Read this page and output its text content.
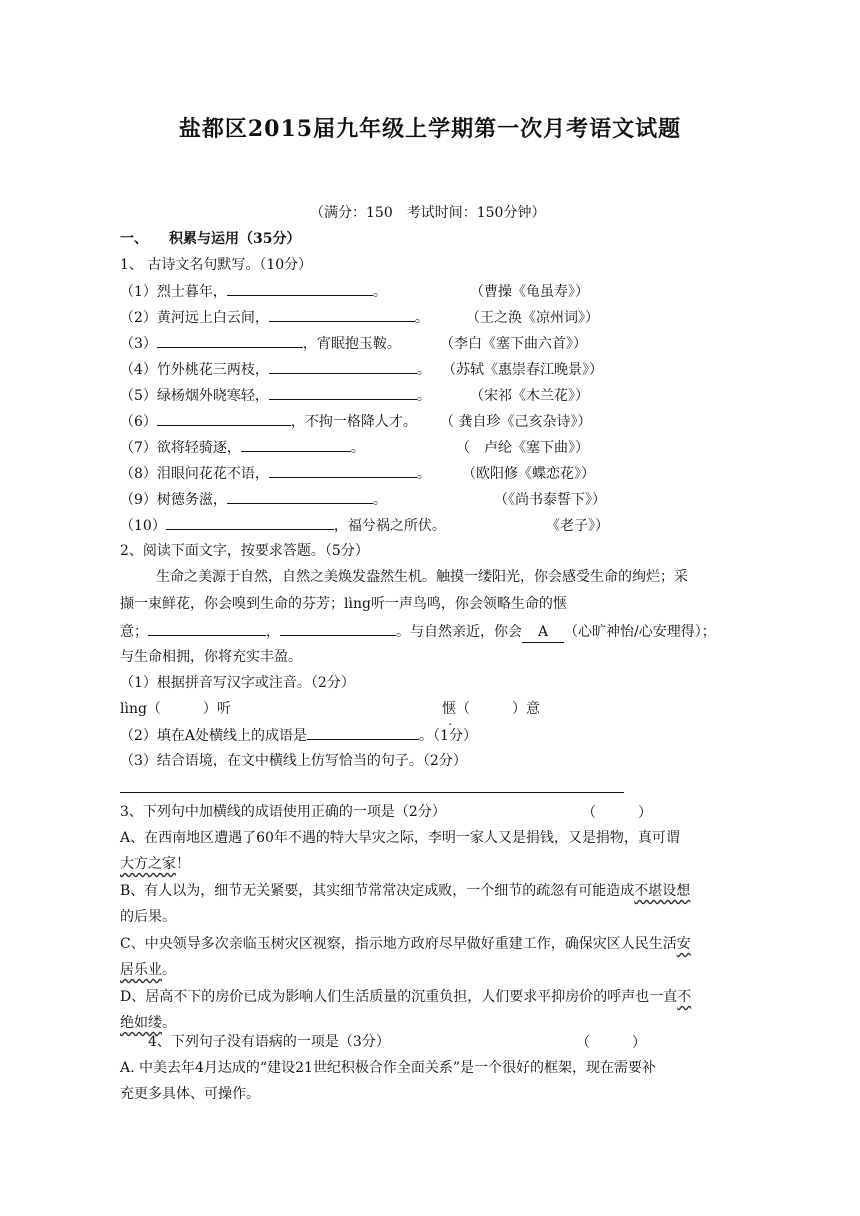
盐都区2015届九年级上学期第一次月考语文试题
（满分：150　考试时间：150分钟）
一、　　积累与运用（35分）
1、 古诗文名句默写。（10分）
（1）烈士暮年，	。	（曹操《龟虽寿》）
（2）黄河远上白云间，	。	（王之涣《凉州词》）
（3）	，宵眠抱玉鞍。	（李白《塞下曲六首》）
（4）竹外桃花三两枝，	。 （苏轼《惠崇春江晚景》）
（5）绿杨烟外晓寒轻，	。	（宋祁《木兰花》）
（6）	，不拘一格降人才。 （ 龚自珍《己亥杂诗》）
（7）欲将轻骑逐，	。	（　卢纶《塞下曲》）
（8）泪眼问花花不语，	。 （欧阳修《蝶恋花》）
（9）树德务滋，	。	（《尚书泰誓下》）
（10）	，福兮祸之所伏。	《老子》）
2、阅读下面文字，按要求答题。（5分）
生命之美源于自然，自然之美焕发盎然生机。触摸一缕阳光，你会感受生命的绚烂；采
撷一束鲜花，你会嗅到生命的芬芳；lìng听一声鸟鸣，你会领略生命的惬
意；	，	。与自然亲近，你会 A （心旷神怡/心安理得）；
与生命相拥，你将充实丰盈。
（1）根据拼音写汉字或注音。（2分）
lìng（　　　）听	惬（　　　）意
（2）填在A处横线上的成语是	。（1分）
（3）结合语境，在文中横线上仿写恰当的句子。（2分）
3、下列句中加横线的成语使用正确的一项是（2分）	（　　　）
A、在西南地区遭遇了60年不遇的特大旱灾之际，李明一家人又是捐钱，又是捐物，真可谓
大方之家！
B、有人以为，细节无关紧要，其实细节常常决定成败，一个细节的疏忽有可能造成不堪设想
的后果。
C、中央领导多次亲临玉树灾区视察，指示地方政府尽早做好重建工作，确保灾区人民生活安
居乐业。
D、居高不下的房价已成为影响人们生活质量的沉重负担，人们要求平抑房价的呼声也一直不
绝如缕。
4、下列句子没有语病的一项是（3分）	（　　　）
A. 中美去年4月达成的“建设21世纪积极合作全面关系”是一个很好的框架，现在需要补
充更多具体、可操作。
